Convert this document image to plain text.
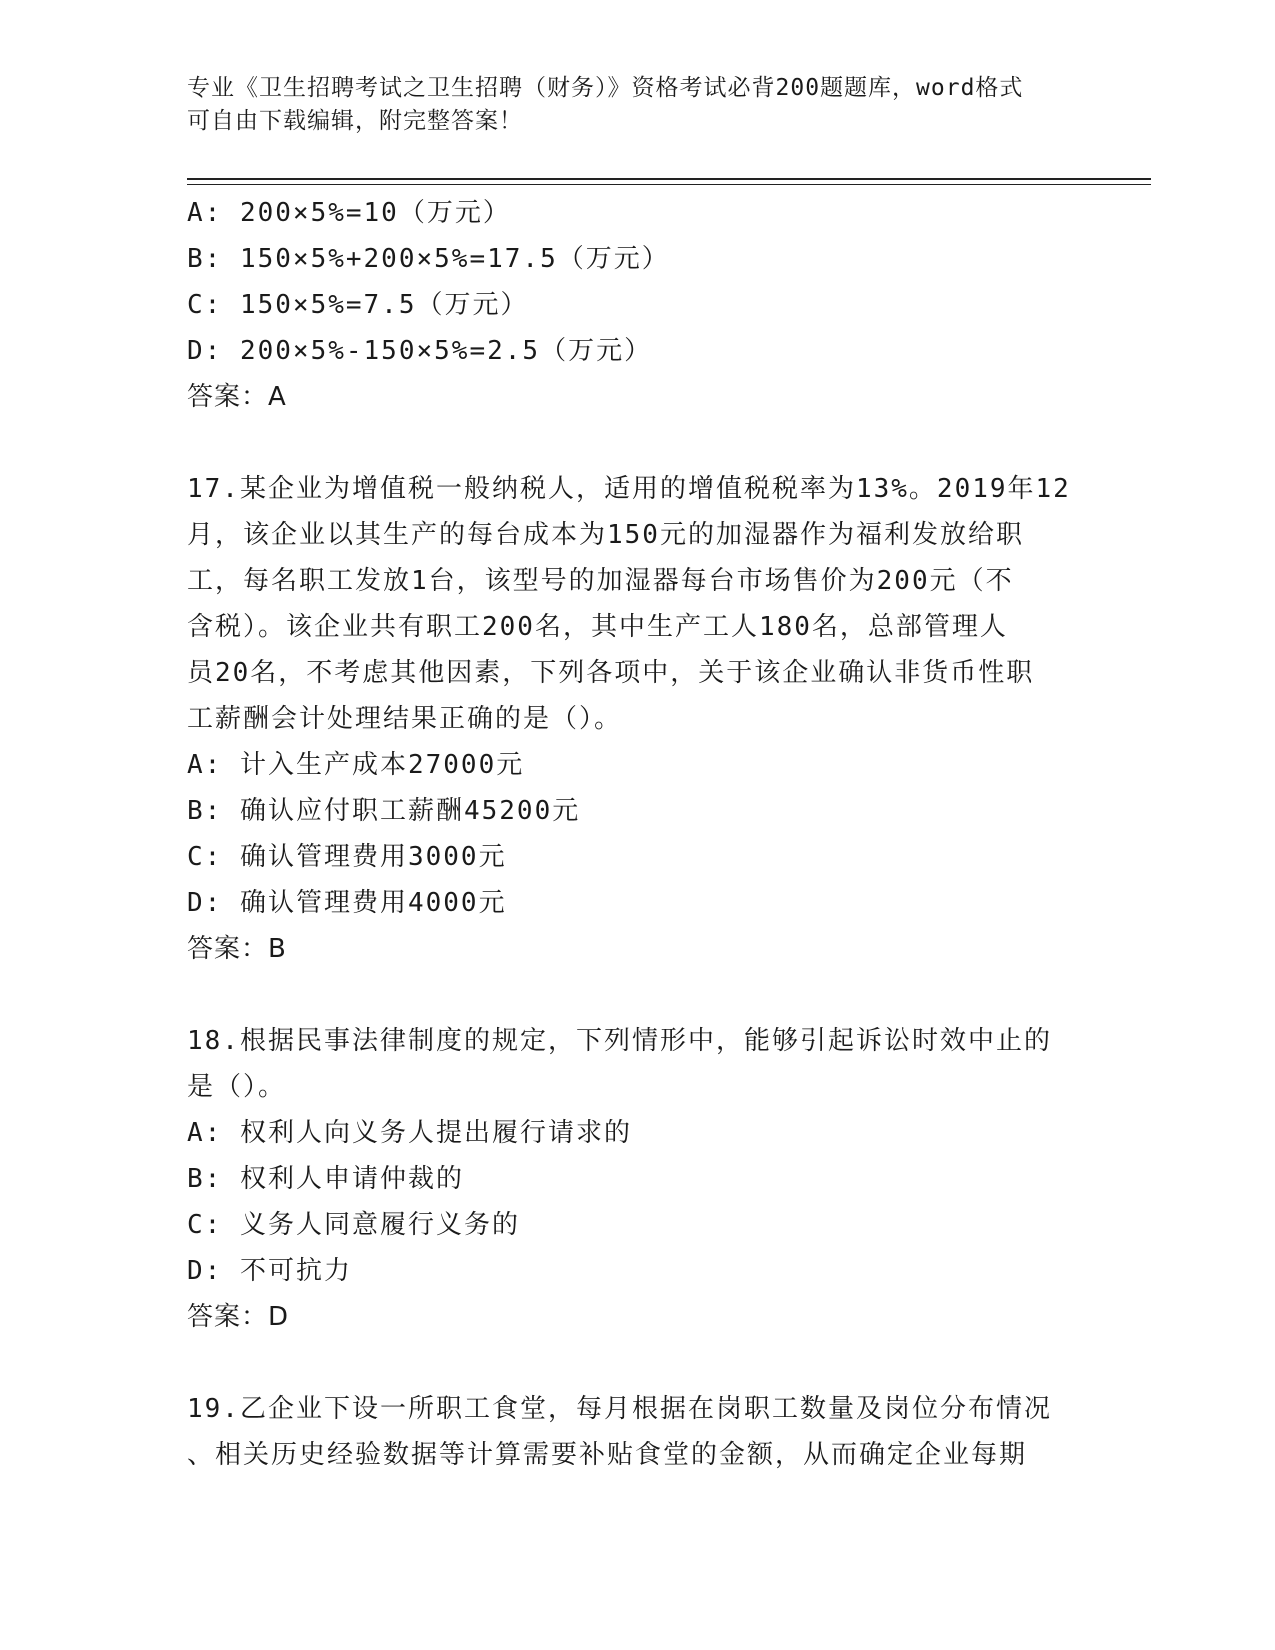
专业《卫生招聘考试之卫生招聘（财务）》资格考试必背200题题库，word格式
可自由下载编辑，附完整答案！
A: 200×5%=10（万元）
B: 150×5%+200×5%=17.5（万元）
C: 150×5%=7.5（万元）
D: 200×5%-150×5%=2.5（万元）
答案：A
17.某企业为增值税一般纳税人，适用的增值税税率为13%。2019年12
月，该企业以其生产的每台成本为150元的加湿器作为福利发放给职
工，每名职工发放1台，该型号的加湿器每台市场售价为200元（不
含税）。该企业共有职工200名，其中生产工人180名，总部管理人
员20名，不考虑其他因素，下列各项中，关于该企业确认非货币性职
工薪酬会计处理结果正确的是（）。
A: 计入生产成本27000元
B: 确认应付职工薪酬45200元
C: 确认管理费用3000元
D: 确认管理费用4000元
答案：B
18.根据民事法律制度的规定，下列情形中，能够引起诉讼时效中止的
是（）。
A: 权利人向义务人提出履行请求的
B: 权利人申请仲裁的
C: 义务人同意履行义务的
D: 不可抗力
答案：D
19.乙企业下设一所职工食堂，每月根据在岗职工数量及岗位分布情况
、相关历史经验数据等计算需要补贴食堂的金额，从而确定企业每期
